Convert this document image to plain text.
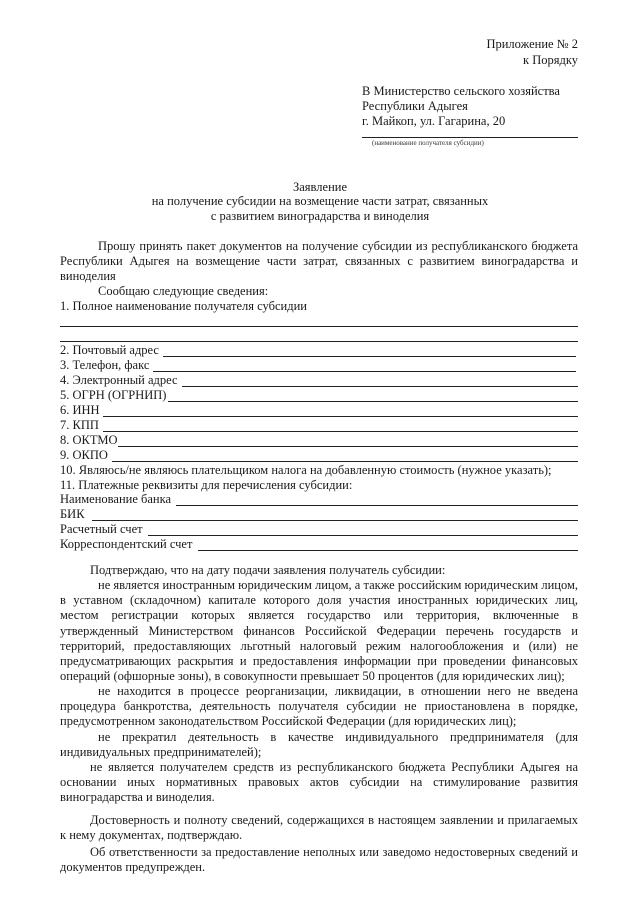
Приложение № 2
к Порядку
В Министерство сельского хозяйства
Республики Адыгея
г. Майкоп, ул. Гагарина, 20
(наименование получателя субсидии)
Заявление
на получение субсидии на возмещение части затрат, связанных
с развитием виноградарства и виноделия
Прошу принять пакет документов на получение субсидии из республиканского бюджета Республики Адыгея на возмещение части затрат, связанных с развитием виноградарства и виноделия
Сообщаю следующие сведения:
1. Полное наименование получателя субсидии
2. Почтовый адрес
3. Телефон, факс
4. Электронный адрес
5. ОГРН (ОГРНИП)
6. ИНН
7. КПП
8. ОКТМО
9. ОКПО
10. Являюсь/не являюсь плательщиком налога на добавленную стоимость (нужное указать);
11. Платежные реквизиты для перечисления субсидии:
Наименование банка
БИК
Расчетный счет
Корреспондентский счет
Подтверждаю, что на дату подачи заявления получатель субсидии:
не является иностранным юридическим лицом, а также российским юридическим лицом, в уставном (складочном) капитале которого доля участия иностранных юридических лиц, местом регистрации которых является государство или территория, включенные в утвержденный Министерством финансов Российской Федерации перечень государств и территорий, предоставляющих льготный налоговый режим налогообложения и (или) не предусматривающих раскрытия и предоставления информации при проведении финансовых операций (офшорные зоны), в совокупности превышает 50 процентов (для юридических лиц);
не находится в процессе реорганизации, ликвидации, в отношении него не введена процедура банкротства, деятельность получателя субсидии не приостановлена в порядке, предусмотренном законодательством Российской Федерации (для юридических лиц);
не прекратил деятельность в качестве индивидуального предпринимателя (для индивидуальных предпринимателей);
не является получателем средств из республиканского бюджета Республики Адыгея на основании иных нормативных правовых актов субсидии на стимулирование развития виноградарства и виноделия.
Достоверность и полноту сведений, содержащихся в настоящем заявлении и прилагаемых к нему документах, подтверждаю.
Об ответственности за предоставление неполных или заведомо недостоверных сведений и документов предупрежден.
